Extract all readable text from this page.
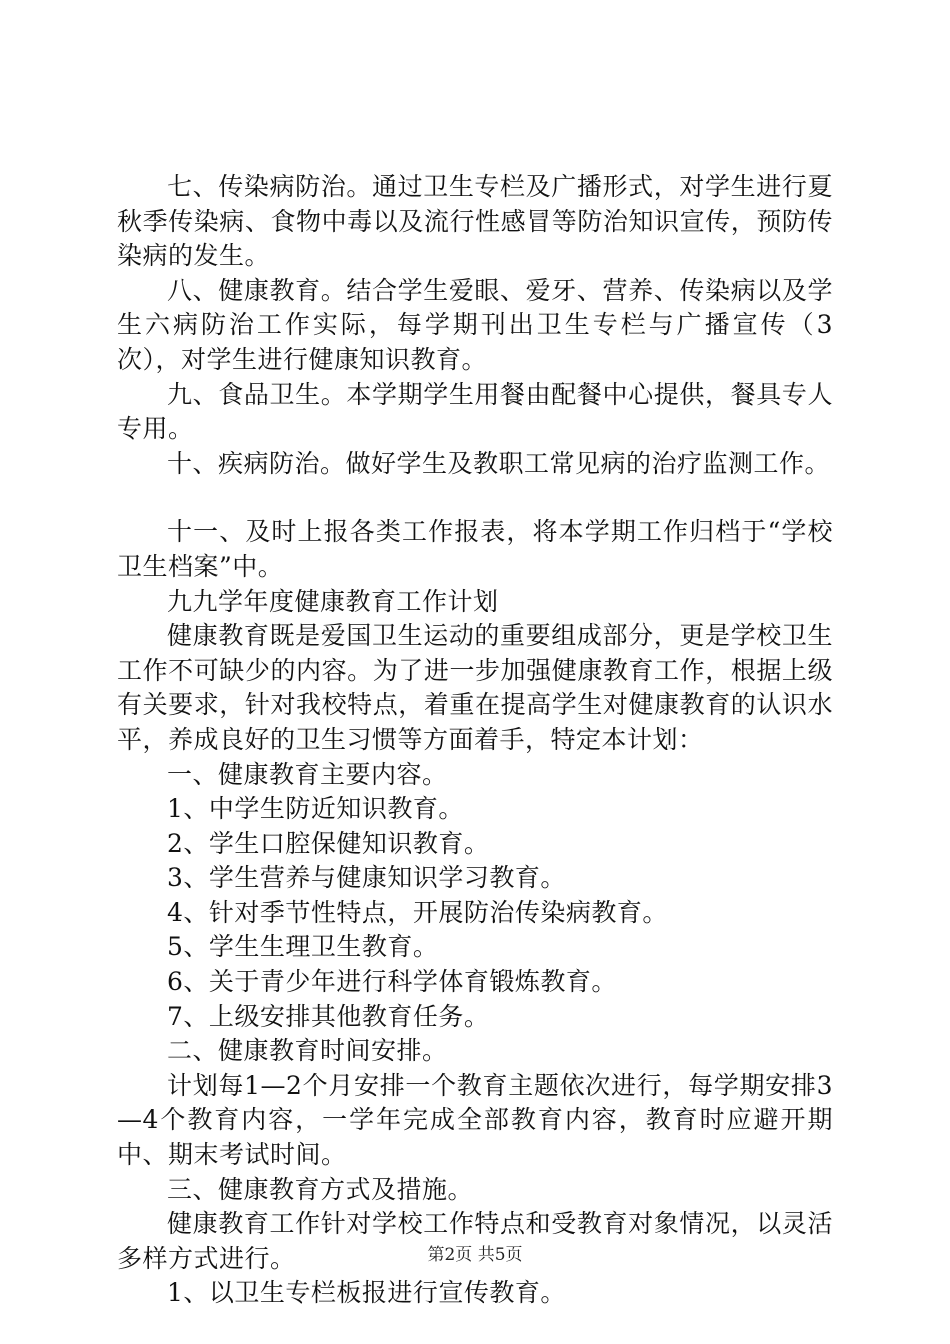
七、传染病防治。通过卫生专栏及广播形式，对学生进行夏秋季传染病、食物中毒以及流行性感冒等防治知识宣传，预防传染病的发生。

八、健康教育。结合学生爱眼、爱牙、营养、传染病以及学生六病防治工作实际，每学期刊出卫生专栏与广播宣传（3次），对学生进行健康知识教育。

九、食品卫生。本学期学生用餐由配餐中心提供，餐具专人专用。

十、疾病防治。做好学生及教职工常见病的治疗监测工作。

十一、及时上报各类工作报表，将本学期工作归档于“学校卫生档案”中。

九九学年度健康教育工作计划

健康教育既是爱国卫生运动的重要组成部分，更是学校卫生工作不可缺少的内容。为了进一步加强健康教育工作，根据上级有关要求，针对我校特点，着重在提高学生对健康教育的认识水平，养成良好的卫生习惯等方面着手，特定本计划：

一、健康教育主要内容。

1、中学生防近知识教育。

2、学生口腔保健知识教育。

3、学生营养与健康知识学习教育。

4、针对季节性特点，开展防治传染病教育。

5、学生生理卫生教育。

6、关于青少年进行科学体育锻炼教育。

7、上级安排其他教育任务。

二、健康教育时间安排。

计划每1—2个月安排一个教育主题依次进行，每学期安排3—4个教育内容，一学年完成全部教育内容，教育时应避开期中、期末考试时间。

三、健康教育方式及措施。

健康教育工作针对学校工作特点和受教育对象情况，以灵活多样方式进行。

1、以卫生专栏板报进行宣传教育。

第2页 共5页
